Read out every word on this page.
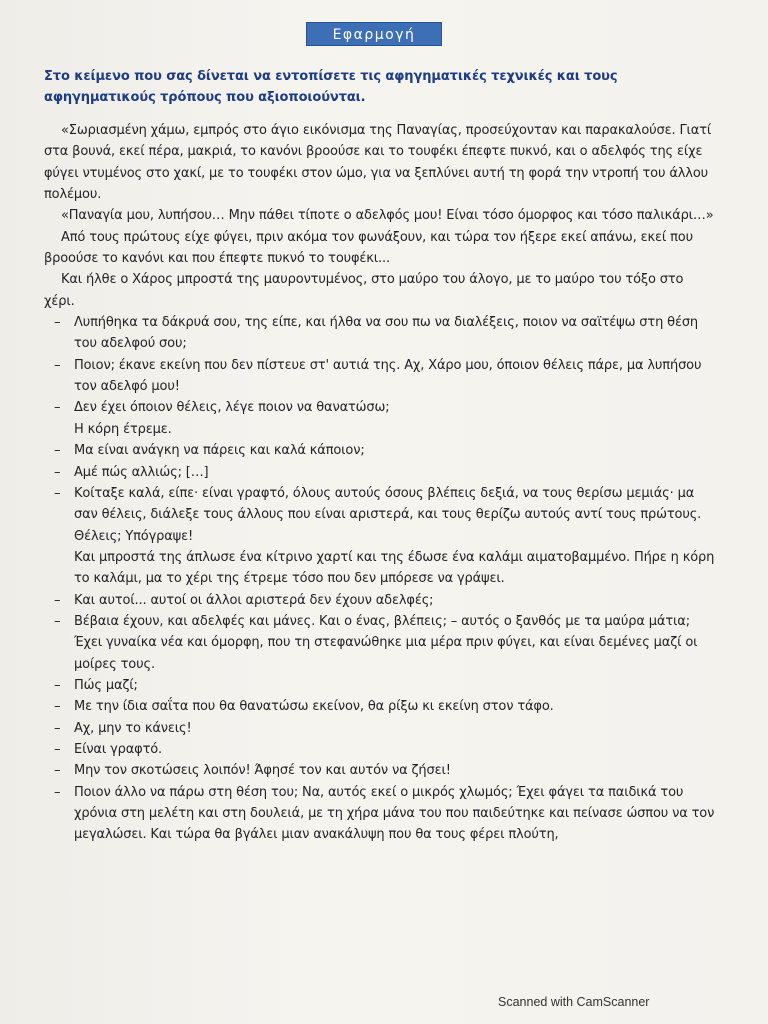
Εφαρμογή
Στο κείμενο που σας δίνεται να εντοπίσετε τις αφηγηματικές τεχνικές και τους αφηγηματικούς τρόπους που αξιοποιούνται.

«Σωριασμένη χάμω, εμπρός στο άγιο εικόνισμα της Παναγίας, προσεύχονταν και παρακαλούσε. Γιατί στα βουνά, εκεί πέρα, μακριά, το κανόνι βροούσε και το τουφέκι έπεφτε πυκνό, και ο αδελφός της είχε φύγει ντυμένος στο χακί, με το τουφέκι στον ώμο, για να ξεπλύνει αυτή τη φορά την ντροπή του άλλου πολέμου.

«Παναγία μου, λυπήσου… Μην πάθει τίποτε ο αδελφός μου! Είναι τόσο όμορφος και τόσο παλικάρι…»

Από τους πρώτους είχε φύγει, πριν ακόμα τον φωνάξουν, και τώρα τον ήξερε εκεί απάνω, εκεί που βροούσε το κανόνι και που έπεφτε πυκνό το τουφέκι...

Και ήλθε ο Χάρος μπροστά της μαυροντυμένος, στο μαύρο του άλογο, με το μαύρο του τόξο στο χέρι.

– Λυπήθηκα τα δάκρυά σου, της είπε, και ήλθα να σου πω να διαλέξεις, ποιον να σαϊτέψω στη θέση του αδελφού σου;

– Ποιον; έκανε εκείνη που δεν πίστευε στ' αυτιά της. Αχ, Χάρο μου, όποιον θέλεις πάρε, μα λυπήσου τον αδελφό μου!

– Δεν έχει όποιον θέλεις, λέγε ποιον να θανατώσω;

Η κόρη έτρεμε.

– Μα είναι ανάγκη να πάρεις και καλά κάποιον;

– Αμέ πώς αλλιώς; […]

– Κοίταξε καλά, είπε· είναι γραφτό, όλους αυτούς όσους βλέπεις δεξιά, να τους θερίσω μεμιάς· μα σαν θέλεις, διάλεξε τους άλλους που είναι αριστερά, και τους θερίζω αυτούς αντί τους πρώτους. Θέλεις; Υπόγραψε!

Και μπροστά της άπλωσε ένα κίτρινο χαρτί και της έδωσε ένα καλάμι αιματοβαμμένο. Πήρε η κόρη το καλάμι, μα το χέρι της έτρεμε τόσο που δεν μπόρεσε να γράψει.

– Και αυτοί... αυτοί οι άλλοι αριστερά δεν έχουν αδελφές;

– Βέβαια έχουν, και αδελφές και μάνες. Και ο ένας, βλέπεις; – αυτός ο ξανθός με τα μαύρα μάτια; Έχει γυναίκα νέα και όμορφη, που τη στεφανώθηκε μια μέρα πριν φύγει, και είναι δεμένες μαζί οι μοίρες τους.

– Πώς μαζί;

– Με την ίδια σαΐτα που θα θανατώσω εκείνον, θα ρίξω κι εκείνη στον τάφο.

– Αχ, μην το κάνεις!

– Είναι γραφτό.

– Μην τον σκοτώσεις λοιπόν! Άφησέ τον και αυτόν να ζήσει!

– Ποιον άλλο να πάρω στη θέση του; Να, αυτός εκεί ο μικρός χλωμός; Έχει φάγει τα παιδικά του χρόνια στη μελέτη και στη δουλειά, με τη χήρα μάνα του που παιδεύτηκε και πείνασε ώσπου να τον μεγαλώσει. Και τώρα θα βγάλει μιαν ανακάλυψη που θα τους φέρει πλούτη,

Scanned with CamScanner
